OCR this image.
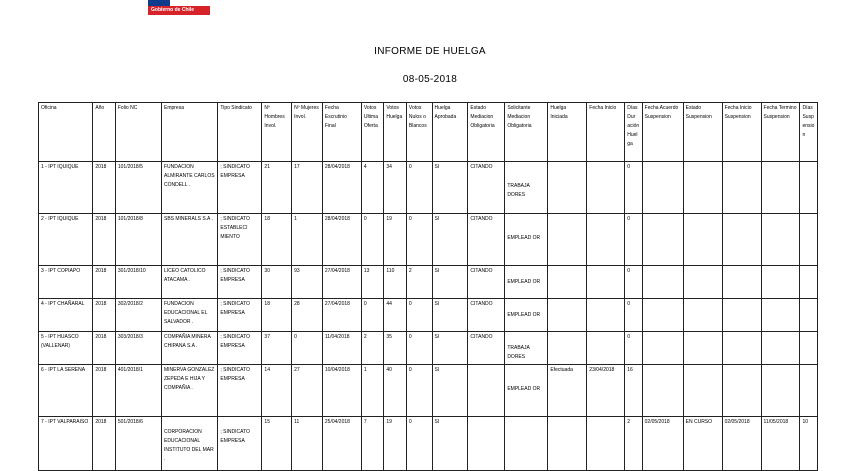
Gobierno de Chile
INFORME DE HUELGA
08-05-2018
Oficina	Año	Folio NC	Empresa	Tipo Sindicato	Nº Hombres Invol.	Nº Mujeres Invol.	Fecha Escrutinio Final	Votos Ultima Oferta	Votos Huelga	Votos Nulos o Blancos	Huelga Aprobada	Estado Mediacion Obligatoria	Solicitante Mediacion Obligatoria	Huelga Iniciada	Fecha Inicio	Días Dur ación Huel ga	Fecha Acuerdo Suspension	Estado Suspension	Fecha Inicio Suspension	Fecha Termino Suspension	Días Suspension
1 - IPT IQUIQUE	2018	101/2018/5	FUNDACION ALMIRANTE CARLOS CONDELL .	; SINDICATO EMPRESA	21	17	28/04/2018	4	34	0	SI	CITANDO	TRABAJA DORES			0					
2 - IPT IQUIQUE	2018	101/2018/8	SBS MINERALS S.A .	; SINDICATO ESTABLECI MIENTO	18	1	28/04/2018	0	19	0	SI	CITANDO	EMPLEAD OR			0					
3 - IPT COPIAPO	2018	301/2018/10	LICEO CATOLICO ATACAMA .	; SINDICATO EMPRESA	30	93	27/04/2018	13	110	2	SI	CITANDO	EMPLEAD OR			0					
4 - IPT CHAÑARAL	2018	302/2018/2	FUNDACION EDUCACIONAL EL SALVADOR .	; SINDICATO EMPRESA	18	28	27/04/2018	0	44	0	SI	CITANDO	EMPLEAD OR			0					
5 - IPT HUASCO (VALLENAR)	2018	303/2018/3	COMPAÑIA MINERA CHIPANA S.A .	; SINDICATO EMPRESA	37	0	11/04/2018	2	35	0	SI	CITANDO	TRABAJA DORES			0					
6 - IPT LA SERENA	2018	401/2018/1	MINERVA GONZALEZ ZEPEDA E HIJA Y COMPAÑIA .	; SINDICATO EMPRESA	14	27	10/04/2018	1	40	0	SI		EMPLEAD OR	Efectuada	23/04/2018	16					
7 - IPT VALPARAISO	2018	501/2018/6	CORPORACION EDUCACIONAL INSTITUTO DEL MAR .	; SINDICATO EMPRESA	15	11	25/04/2018	7	19	0	SI					2	02/05/2018	EN CURSO	02/05/2018	11/05/2018	10
